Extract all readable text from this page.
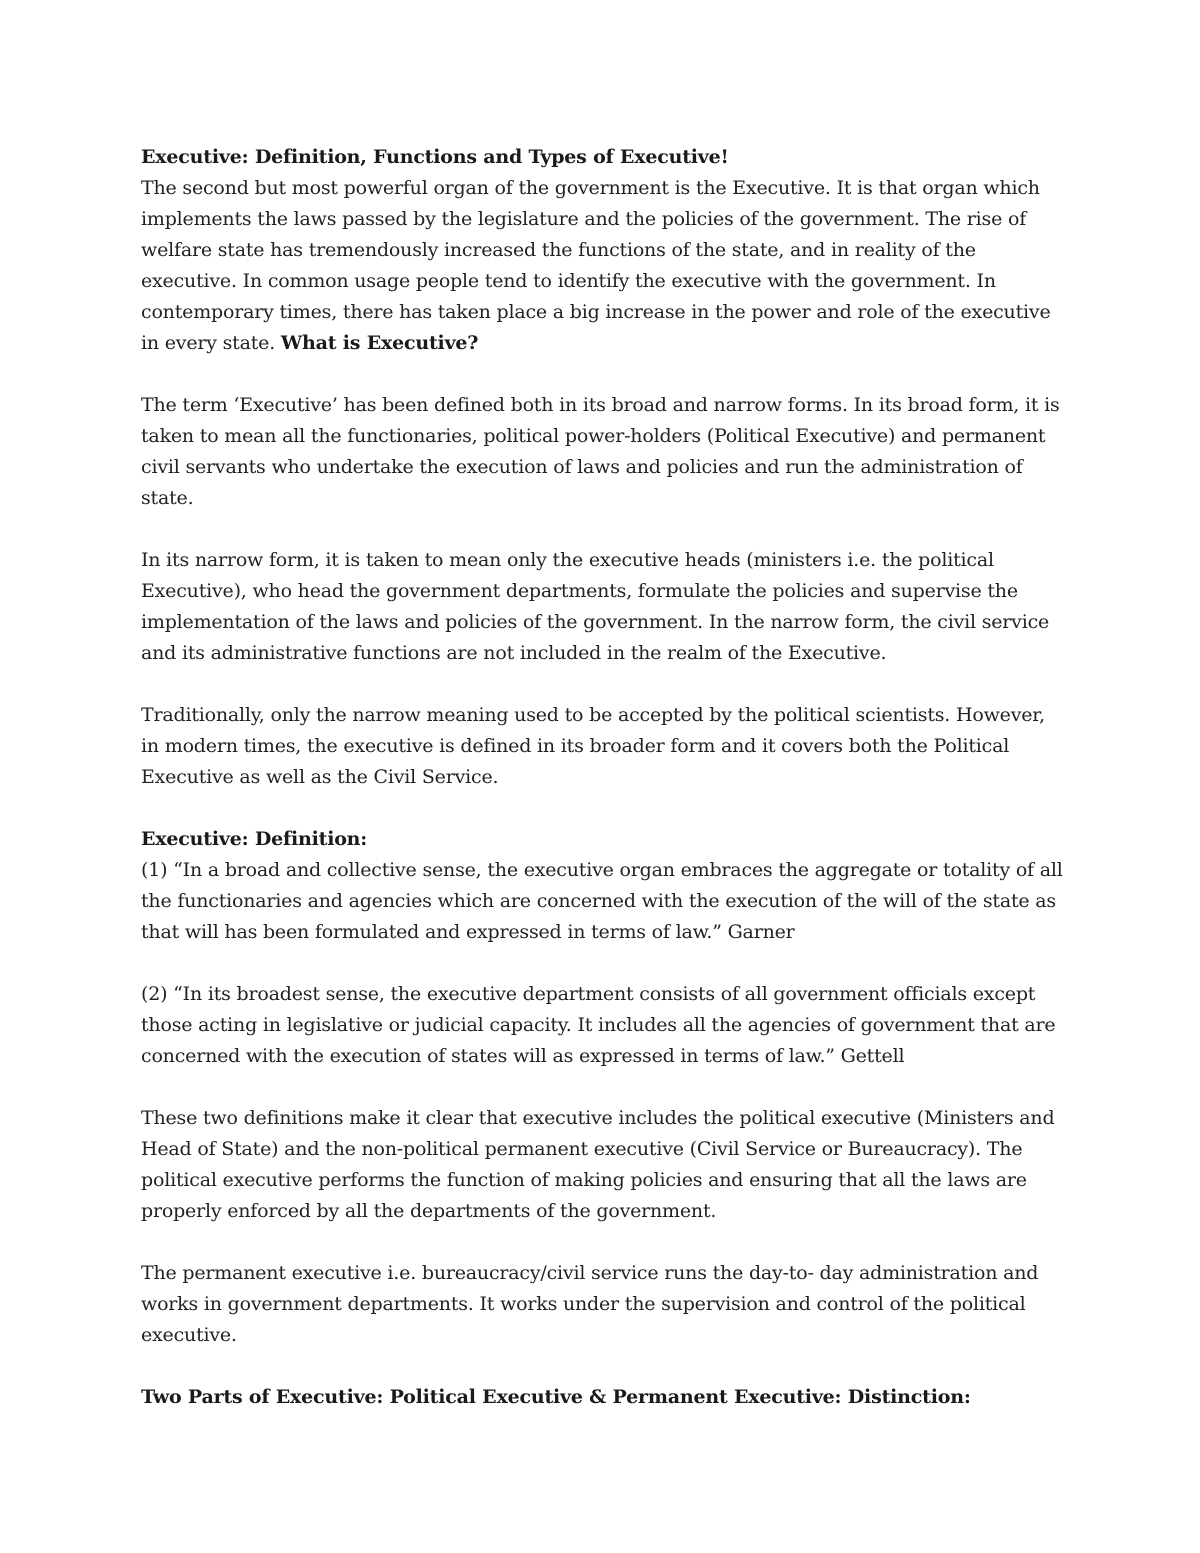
Executive: Definition, Functions and Types of Executive!

The second but most powerful organ of the government is the Executive. It is that organ which implements the laws passed by the legislature and the policies of the government. The rise of welfare state has tremendously increased the functions of the state, and in reality of the executive. In common usage people tend to identify the executive with the government. In contemporary times, there has taken place a big increase in the power and role of the executive in every state. What is Executive?

The term ‘Executive’ has been defined both in its broad and narrow forms. In its broad form, it is taken to mean all the functionaries, political power-holders (Political Executive) and permanent civil servants who undertake the execution of laws and policies and run the administration of state.

In its narrow form, it is taken to mean only the executive heads (ministers i.e. the political Executive), who head the government departments, formulate the policies and supervise the implementation of the laws and policies of the government. In the narrow form, the civil service and its administrative functions are not included in the realm of the Executive.

Traditionally, only the narrow meaning used to be accepted by the political scientists. However, in modern times, the executive is defined in its broader form and it covers both the Political Executive as well as the Civil Service.

Executive: Definition:

(1) “In a broad and collective sense, the executive organ embraces the aggregate or totality of all the functionaries and agencies which are concerned with the execution of the will of the state as that will has been formulated and expressed in terms of law.” Garner

(2) “In its broadest sense, the executive department consists of all government officials except those acting in legislative or judicial capacity. It includes all the agencies of government that are concerned with the execution of states will as expressed in terms of law.” Gettell

These two definitions make it clear that executive includes the political executive (Ministers and Head of State) and the non-political permanent executive (Civil Service or Bureaucracy). The political executive performs the function of making policies and ensuring that all the laws are properly enforced by all the departments of the government.

The permanent executive i.e. bureaucracy/civil service runs the day-to- day administration and works in government departments. It works under the supervision and control of the political executive.

Two Parts of Executive: Political Executive & Permanent Executive: Distinction:
